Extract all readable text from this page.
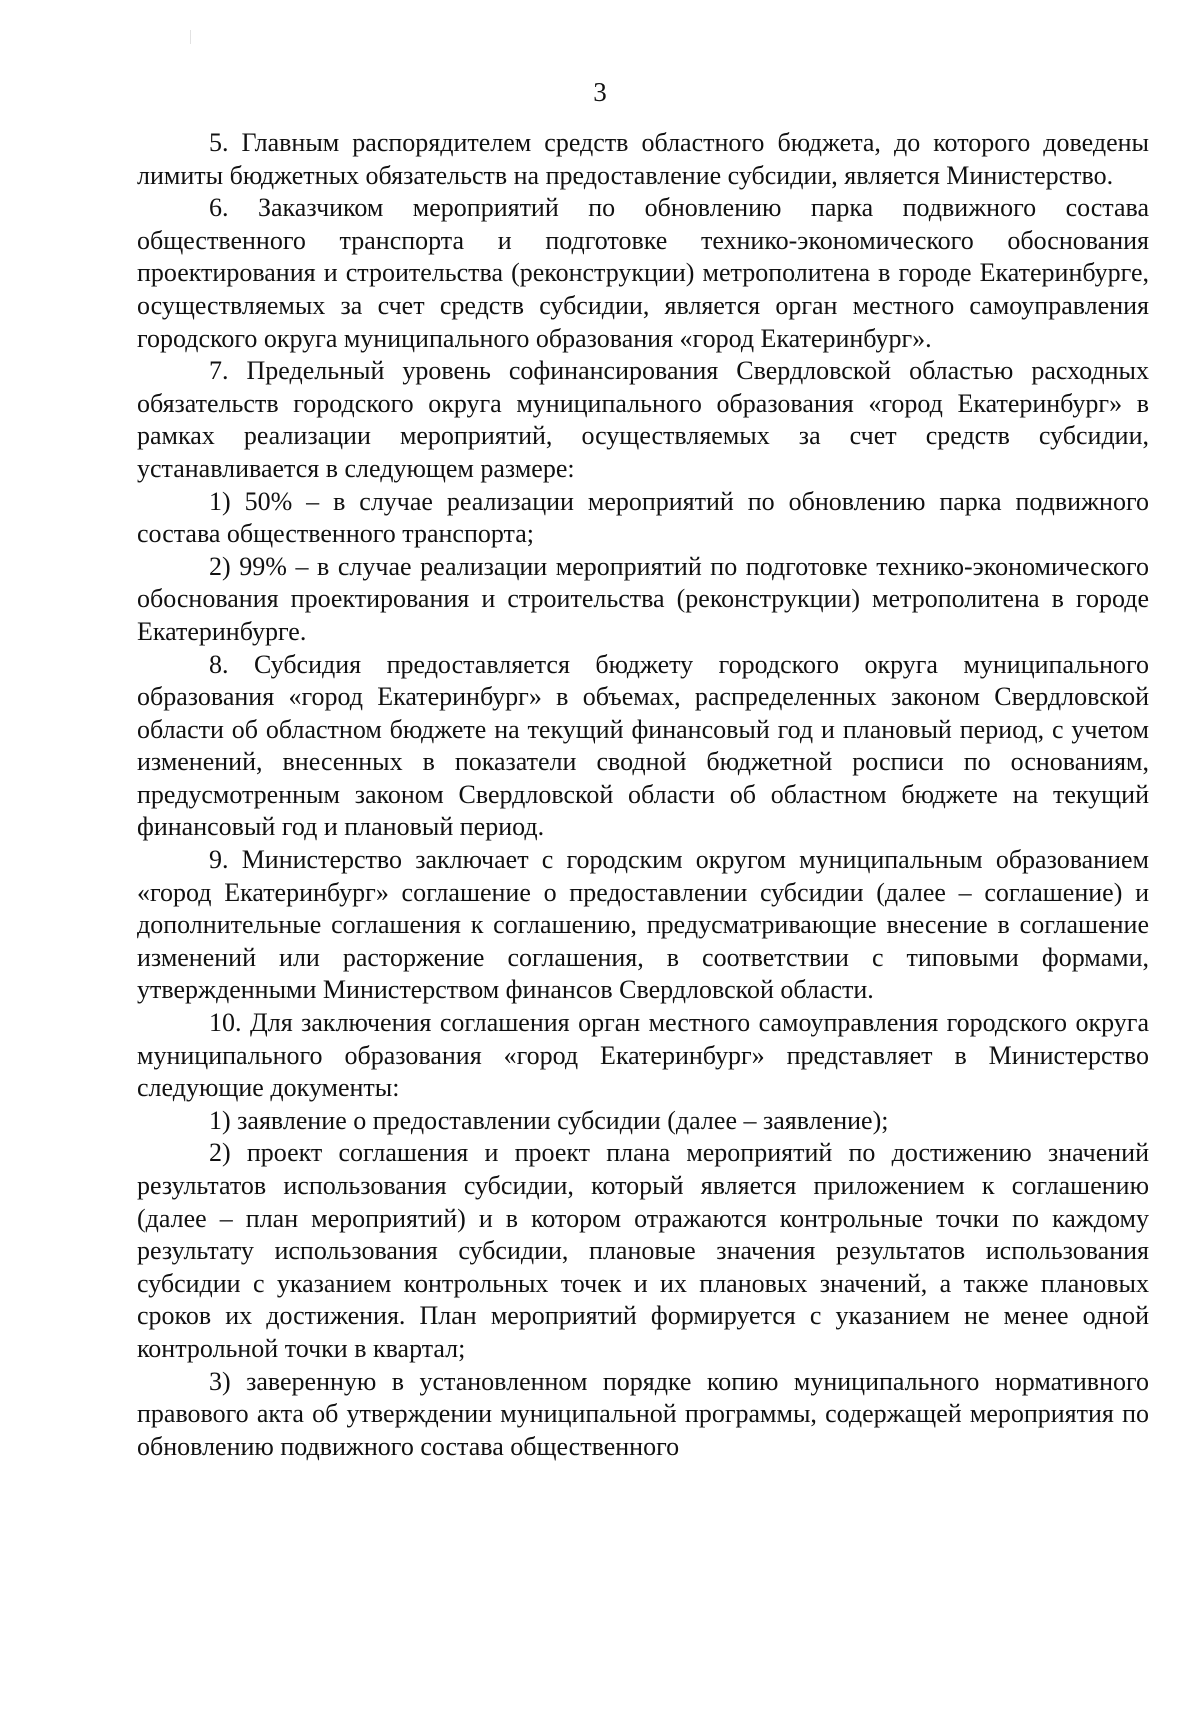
3

5. Главным распорядителем средств областного бюджета, до которого доведены лимиты бюджетных обязательств на предоставление субсидии, является Министерство.

6. Заказчиком мероприятий по обновлению парка подвижного состава общественного транспорта и подготовке технико-экономического обоснования проектирования и строительства (реконструкции) метрополитена в городе Екатеринбурге, осуществляемых за счет средств субсидии, является орган местного самоуправления городского округа муниципального образования «город Екатеринбург».

7. Предельный уровень софинансирования Свердловской областью расходных обязательств городского округа муниципального образования «город Екатеринбург» в рамках реализации мероприятий, осуществляемых за счет средств субсидии, устанавливается в следующем размере:

1) 50% – в случае реализации мероприятий по обновлению парка подвижного состава общественного транспорта;

2) 99% – в случае реализации мероприятий по подготовке технико-экономического обоснования проектирования и строительства (реконструкции) метрополитена в городе Екатеринбурге.

8. Субсидия предоставляется бюджету городского округа муниципального образования «город Екатеринбург» в объемах, распределенных законом Свердловской области об областном бюджете на текущий финансовый год и плановый период, с учетом изменений, внесенных в показатели сводной бюджетной росписи по основаниям, предусмотренным законом Свердловской области об областном бюджете на текущий финансовый год и плановый период.

9. Министерство заключает с городским округом муниципальным образованием «город Екатеринбург» соглашение о предоставлении субсидии (далее – соглашение) и дополнительные соглашения к соглашению, предусматривающие внесение в соглашение изменений или расторжение соглашения, в соответствии с типовыми формами, утвержденными Министерством финансов Свердловской области.

10. Для заключения соглашения орган местного самоуправления городского округа муниципального образования «город Екатеринбург» представляет в Министерство следующие документы:

1) заявление о предоставлении субсидии (далее – заявление);

2) проект соглашения и проект плана мероприятий по достижению значений результатов использования субсидии, который является приложением к соглашению (далее – план мероприятий) и в котором отражаются контрольные точки по каждому результату использования субсидии, плановые значения результатов использования субсидии с указанием контрольных точек и их плановых значений, а также плановых сроков их достижения. План мероприятий формируется с указанием не менее одной контрольной точки в квартал;

3) заверенную в установленном порядке копию муниципального нормативного правового акта об утверждении муниципальной программы, содержащей мероприятия по обновлению подвижного состава общественного
